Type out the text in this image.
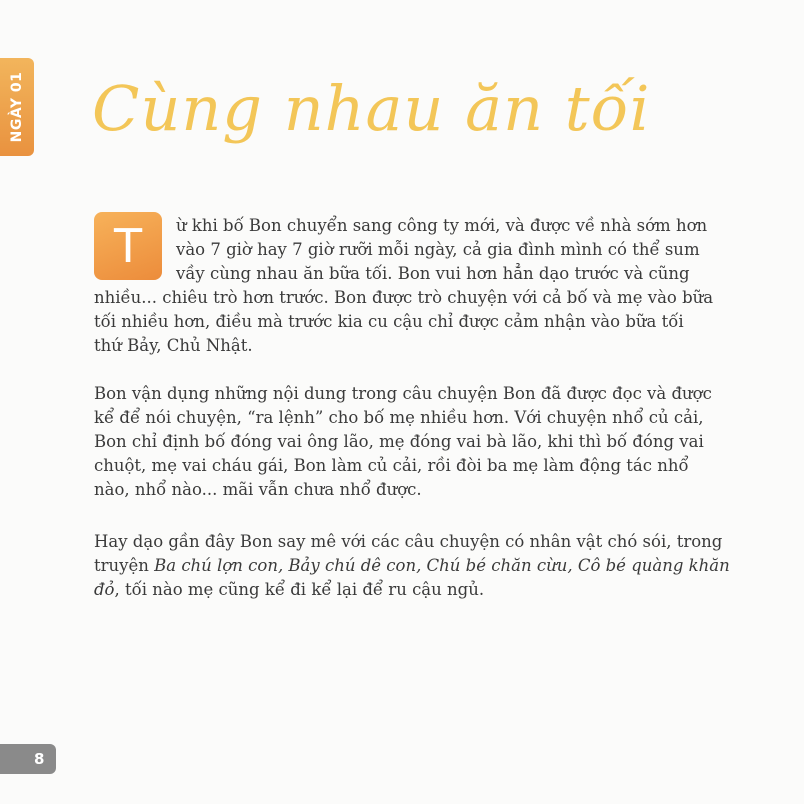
NGÀY 01 Cùng nhau ăn tối
T	ừ khi bố Bon chuyển sang công ty mới, và được về nhà sớm hơn

vào 7 giờ hay 7 giờ rưỡi mỗi ngày, cả gia đình mình có thể sum

vầy cùng nhau ăn bữa tối. Bon vui hơn hẳn dạo trước và cũng

nhiều... chiêu trò hơn trước. Bon được trò chuyện với cả bố và mẹ vào bữa

tối nhiều hơn, điều mà trước kia cu cậu chỉ được cảm nhận vào bữa tối

thứ Bảy, Chủ Nhật.

Bon vận dụng những nội dung trong câu chuyện Bon đã được đọc và được

kể để nói chuyện, “ra lệnh” cho bố mẹ nhiều hơn. Với chuyện nhổ củ cải,

Bon chỉ định bố đóng vai ông lão, mẹ đóng vai bà lão, khi thì bố đóng vai

chuột, mẹ vai cháu gái, Bon làm củ cải, rồi đòi ba mẹ làm động tác nhổ

nào, nhổ nào... mãi vẫn chưa nhổ được.

Hay dạo gần đây Bon say mê với các câu chuyện có nhân vật chó sói, trong

truyện Ba chú lợn con, Bảy chú dê con, Chú bé chăn cừu, Cô bé quàng khăn

đỏ, tối nào mẹ cũng kể đi kể lại để ru cậu ngủ.

8
